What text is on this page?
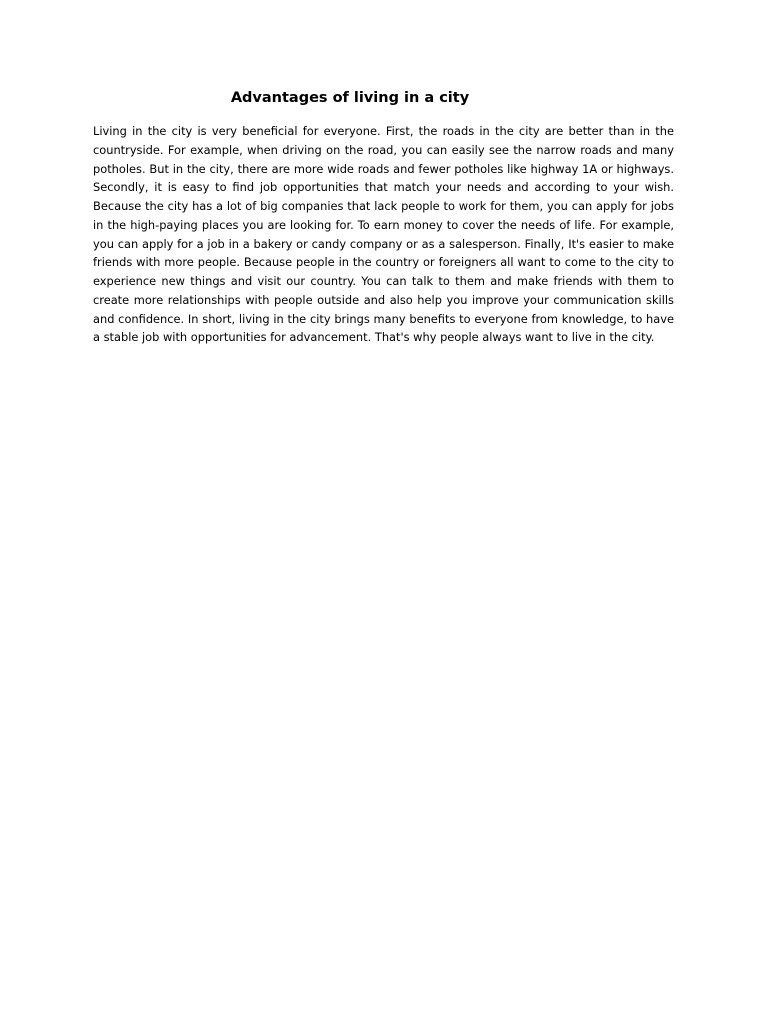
Advantages of living in a city

Living in the city is very beneficial for everyone. First, the roads in the city are better than in the countryside. For example, when driving on the road, you can easily see the narrow roads and many potholes. But in the city, there are more wide roads and fewer potholes like highway 1A or highways. Secondly, it is easy to find job opportunities that match your needs and according to your wish. Because the city has a lot of big companies that lack people to work for them, you can apply for jobs in the high-paying places you are looking for. To earn money to cover the needs of life. For example, you can apply for a job in a bakery or candy company or as a salesperson. Finally, It's easier to make friends with more people. Because people in the country or foreigners all want to come to the city to experience new things and visit our country. You can talk to them and make friends with them to create more relationships with people outside and also help you improve your communication skills and confidence. In short, living in the city brings many benefits to everyone from knowledge, to have a stable job with opportunities for advancement. That's why people always want to live in the city.
